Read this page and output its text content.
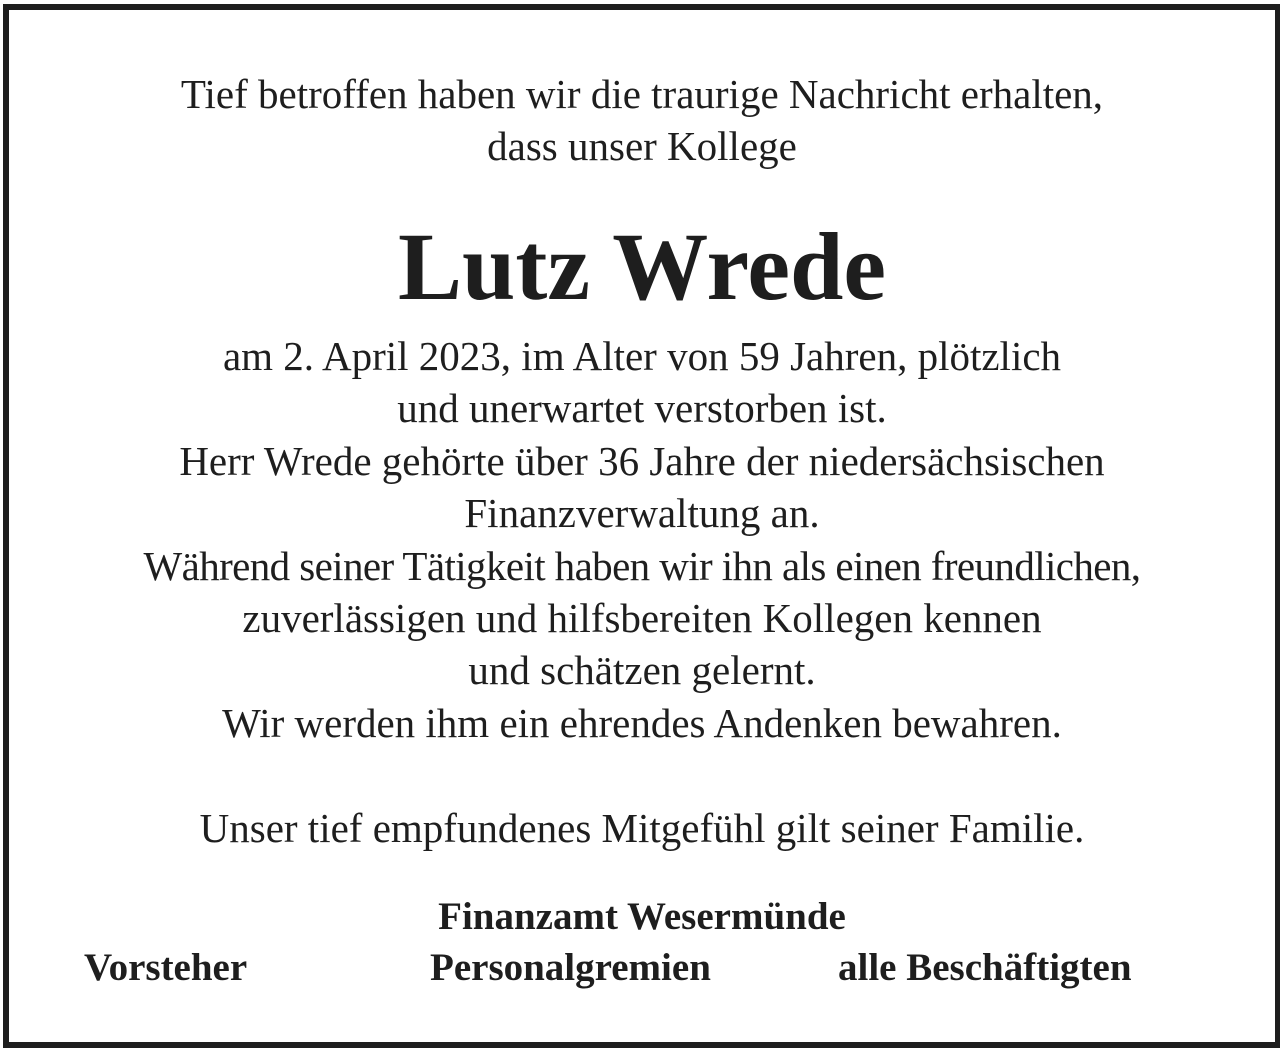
Tief betroffen haben wir die traurige Nachricht erhalten,
dass unser Kollege
Lutz Wrede
am 2. April 2023, im Alter von 59 Jahren, plötzlich
und unerwartet verstorben ist.
Herr Wrede gehörte über 36 Jahre der niedersächsischen
Finanzverwaltung an.
Während seiner Tätigkeit haben wir ihn als einen freundlichen,
zuverlässigen und hilfsbereiten Kollegen kennen
und schätzen gelernt.
Wir werden ihm ein ehrendes Andenken bewahren.
Unser tief empfundenes Mitgefühl gilt seiner Familie.
Finanzamt Wesermünde
Vorsteher	Personalgremien	alle Beschäftigten
